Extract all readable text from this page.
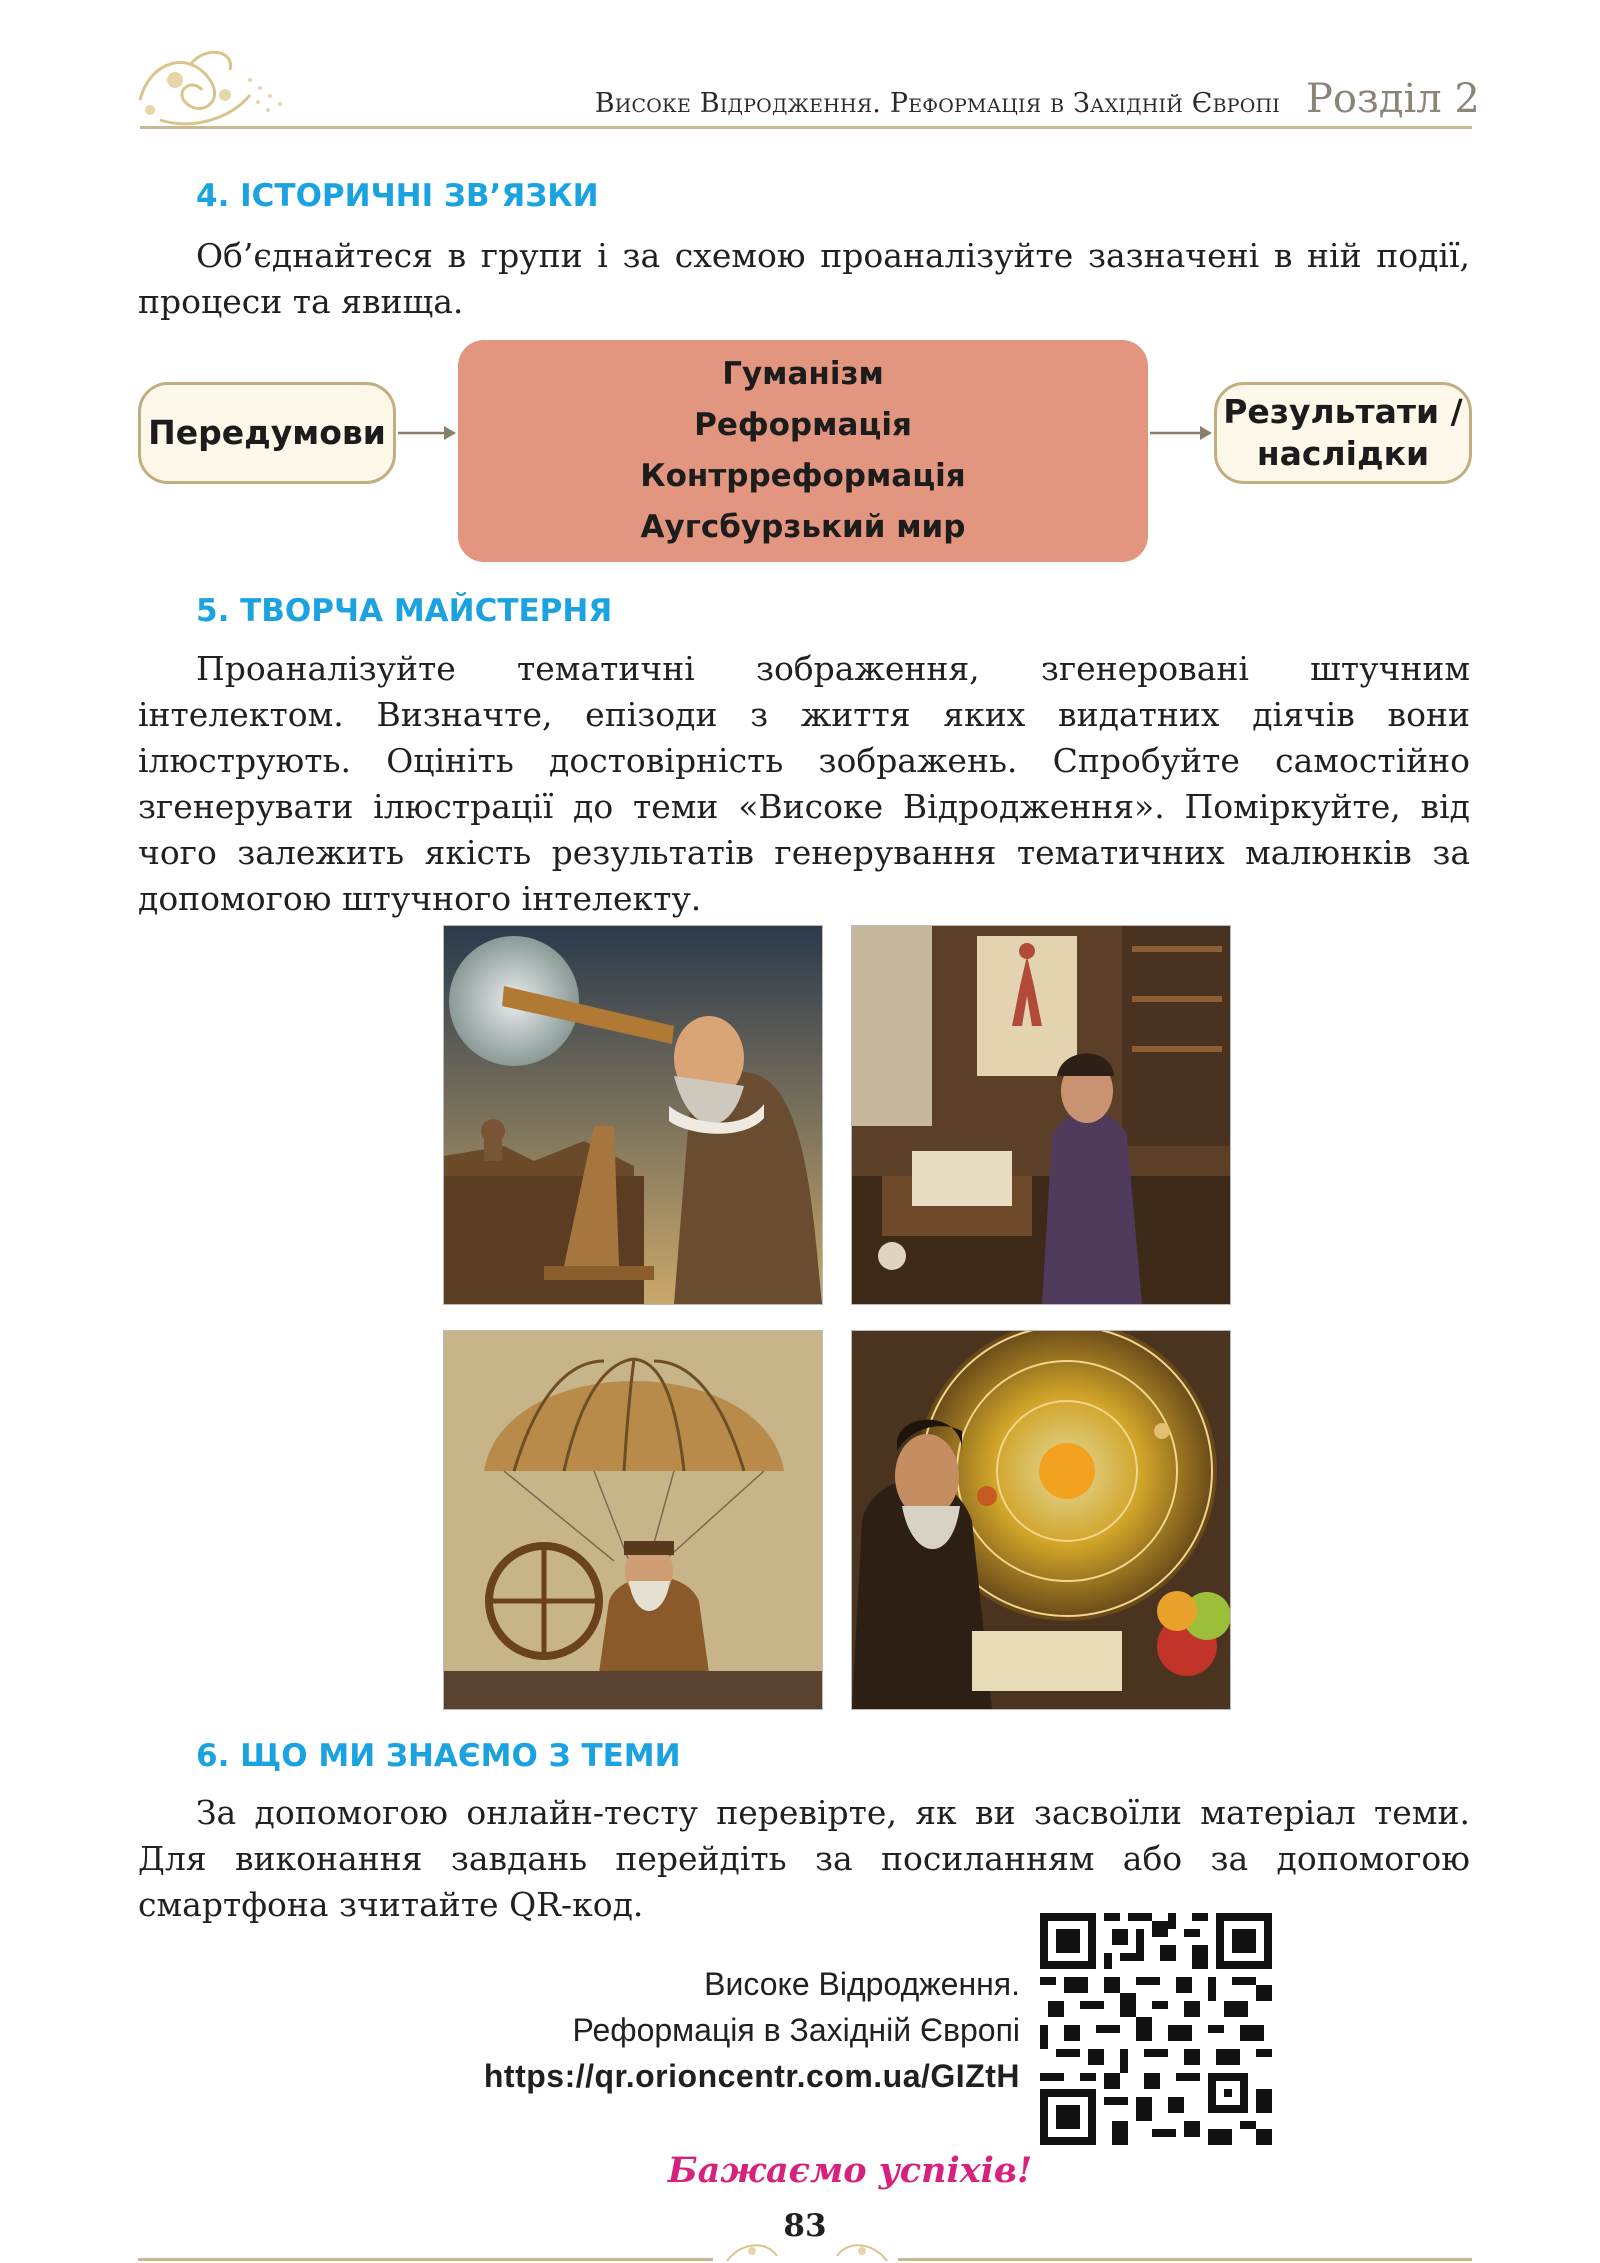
Високе Відродження. Реформація в Західній Європі Розділ 2
4. ІСТОРИЧНІ ЗВ’ЯЗКИ
Об’єднайтеся в групи і за схемою проаналізуйте зазначені в ній події, процеси та явища.
Передумови
Гуманізм
Реформація
Контрреформація
Аугсбурзький мир
Результати /
наслідки
5. ТВОРЧА МАЙСТЕРНЯ
Проаналізуйте тематичні зображення, згенеровані штучним інтелектом. Визначте, епізоди з життя яких видатних діячів вони ілюструють. Оцініть достовірність зображень. Спробуйте самостійно згенерувати ілюстрації до теми «Високе Відродження». Поміркуйте, від чого залежить якість результатів генерування тематичних малюнків за допомогою штучного інтелекту.
6. ЩО МИ ЗНАЄМО З ТЕМИ
За допомогою онлайн-тесту перевірте, як ви засвоїли матеріал теми. Для виконання завдань перейдіть за посиланням або за допомогою смартфона зчитайте QR-код.
Високе Відродження.
Реформація в Західній Європі
https://qr.orioncentr.com.ua/GIZtH
Бажаємо успіхів!
83
